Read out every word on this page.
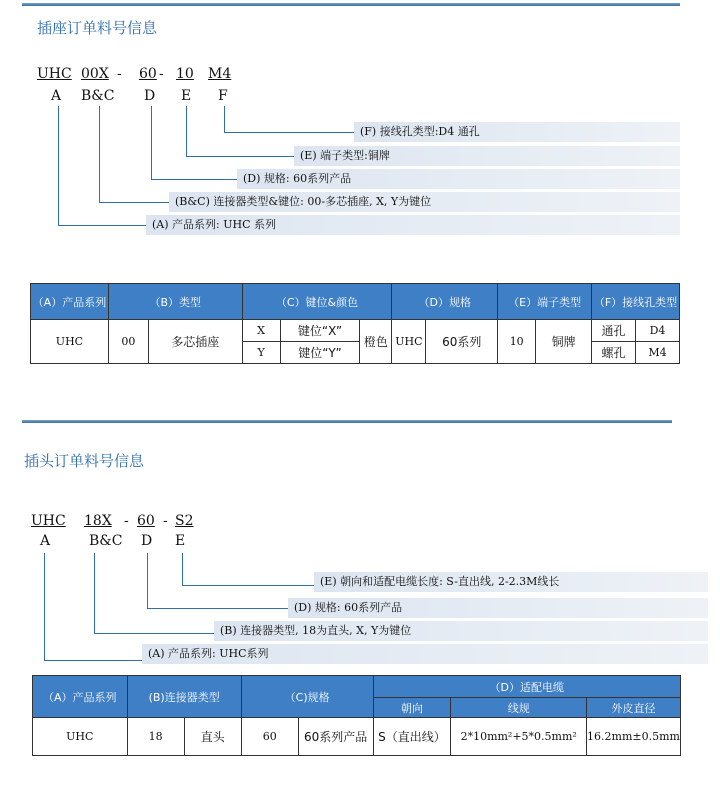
插座订单料号信息
UHC 00X - 60 - 10 M4
A B&C D E F
(F) 接线孔类型:D4 通孔
(E) 端子类型:铜牌
(D) 规格: 60系列产品
(B&C) 连接器类型&键位: 00-多芯插座, X, Y为键位
(A) 产品系列: UHC 系列
（A）产品系列	（B）类型		（C）键位&颜色			（D）规格		（E）端子类型		（F）接线孔类型	
UHC	00	多芯插座	X	键位“X”	橙色	UHC	60系列	10	铜牌	通孔	D4
			Y	键位“Y”						螺孔	M4
插头订单料号信息
UHC 18X - 60 - S2
A	B&C D E
(E) 朝向和适配电缆长度: S-直出线, 2-2.3M线长
(D) 规格: 60系列产品
(B) 连接器类型, 18为直头, X, Y为键位
(A) 产品系列: UHC系列
（A）产品系列	(B)连接器类型		（C)规格		（D）适配电缆		
					朝向	线规	外皮直径
UHC	18	直头	60	60系列产品	S（直出线）	2*10mm²+5*0.5mm²	16.2mm±0.5mm
